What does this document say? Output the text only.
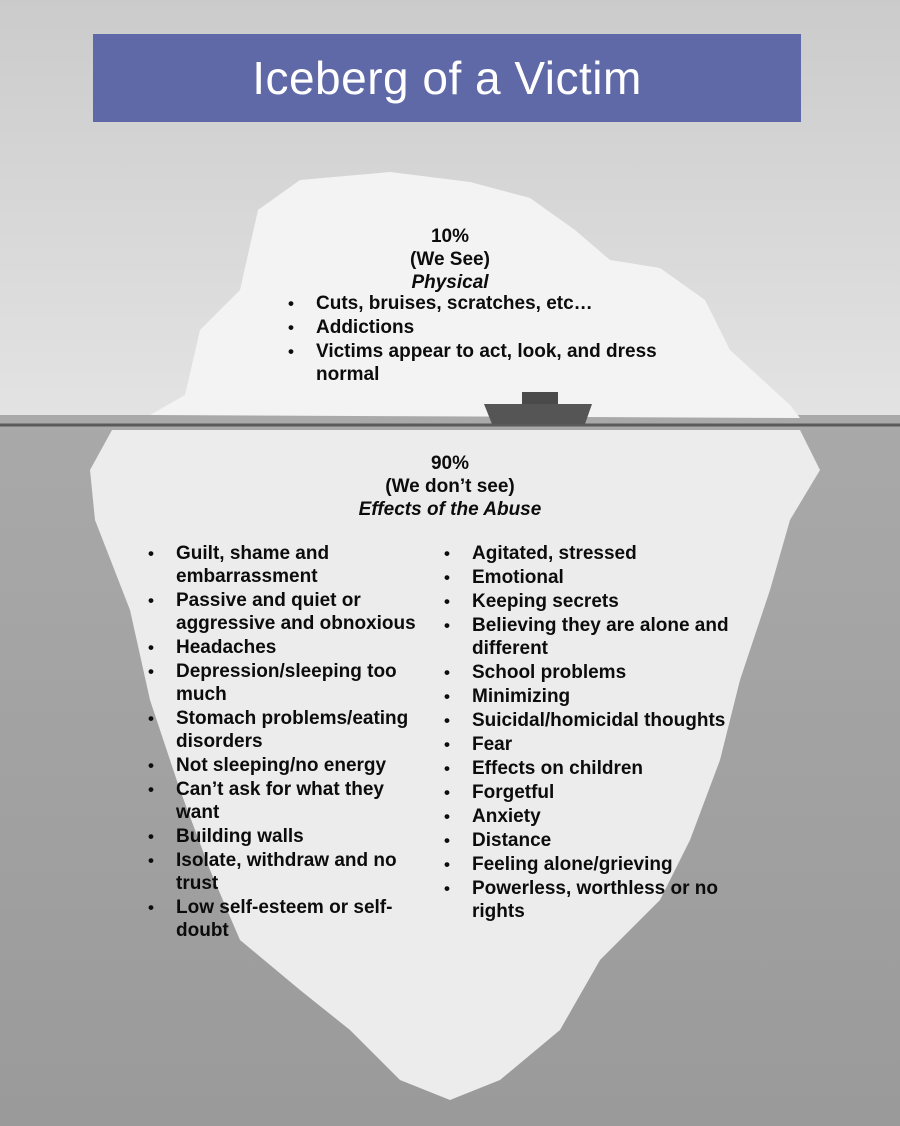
Iceberg of a Victim
10%
(We See)
Physical
• Cuts, bruises, scratches, etc…
• Addictions
• Victims appear to act, look, and dress normal
90%
(We don’t see)
Effects of the Abuse
• Guilt, shame and embarrassment
• Passive and quiet or aggressive and obnoxious
• Headaches
• Depression/sleeping too much
• Stomach problems/eating disorders
• Not sleeping/no energy
• Can’t ask for what they want
• Building walls
• Isolate, withdraw and no trust
• Low self-esteem or self-doubt
• Agitated, stressed
• Emotional
• Keeping secrets
• Believing they are alone and different
• School problems
• Minimizing
• Suicidal/homicidal thoughts
• Fear
• Effects on children
• Forgetful
• Anxiety
• Distance
• Feeling alone/grieving
• Powerless, worthless or no rights
